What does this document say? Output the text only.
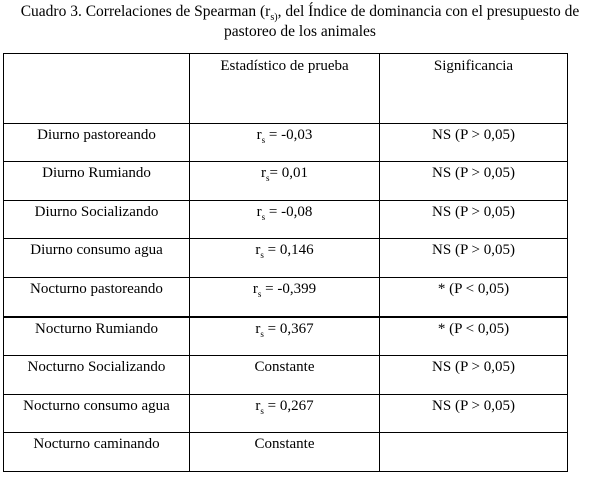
Cuadro 3. Correlaciones de Spearman ($r_{s)}$, del Índice de dominancia con el presupuesto de
pastoreo de los animales
	Estadístico de prueba	Significancia
Diurno pastoreando	$r_s = -0,03$	NS (P > 0,05)
Diurno Rumiando	$r_s= 0,01$	NS (P > 0,05)
Diurno Socializando	$r_s = -0,08$	NS (P > 0,05)
Diurno consumo agua	$r_s = 0,146$	NS (P > 0,05)
Nocturno pastoreando	$r_s = -0,399$	* (P < 0,05)
Nocturno Rumiando	$r_s = 0,367$	* (P < 0,05)
Nocturno Socializando	Constante	NS (P > 0,05)
Nocturno consumo agua	$r_s = 0,267$	NS (P > 0,05)
Nocturno caminando	Constante	
